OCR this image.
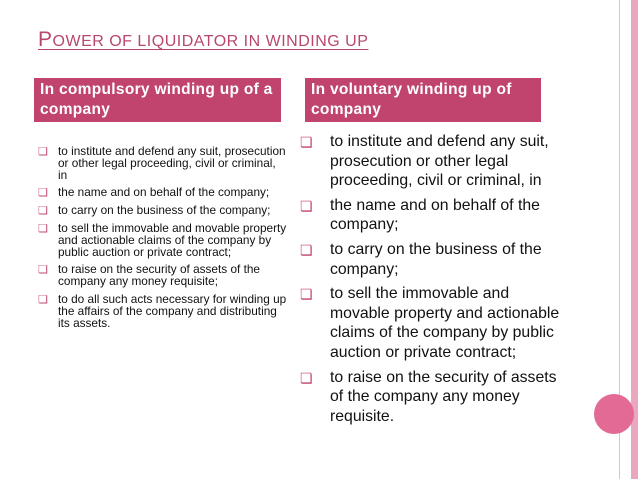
POWER OF LIQUIDATOR IN WINDING UP
In compulsory winding up of a company
In voluntary winding up of company
❏ to institute and defend any suit, prosecution or other legal proceeding, civil or criminal, in
❏ the name and on behalf of the company;
❏ to carry on the business of the company;
❏ to sell the immovable and movable property and actionable claims of the company by public auction or private contract;
❏ to raise on the security of assets of the company any money requisite;
❏ to do all such acts necessary for winding up the affairs of the company and distributing its assets.
❏ to institute and defend any suit, prosecution or other legal proceeding, civil or criminal, in
❏ the name and on behalf of the company;
❏ to carry on the business of the company;
❏ to sell the immovable and movable property and actionable claims of the company by public auction or private contract;
❏ to raise on the security of assets of the company any money requisite.
